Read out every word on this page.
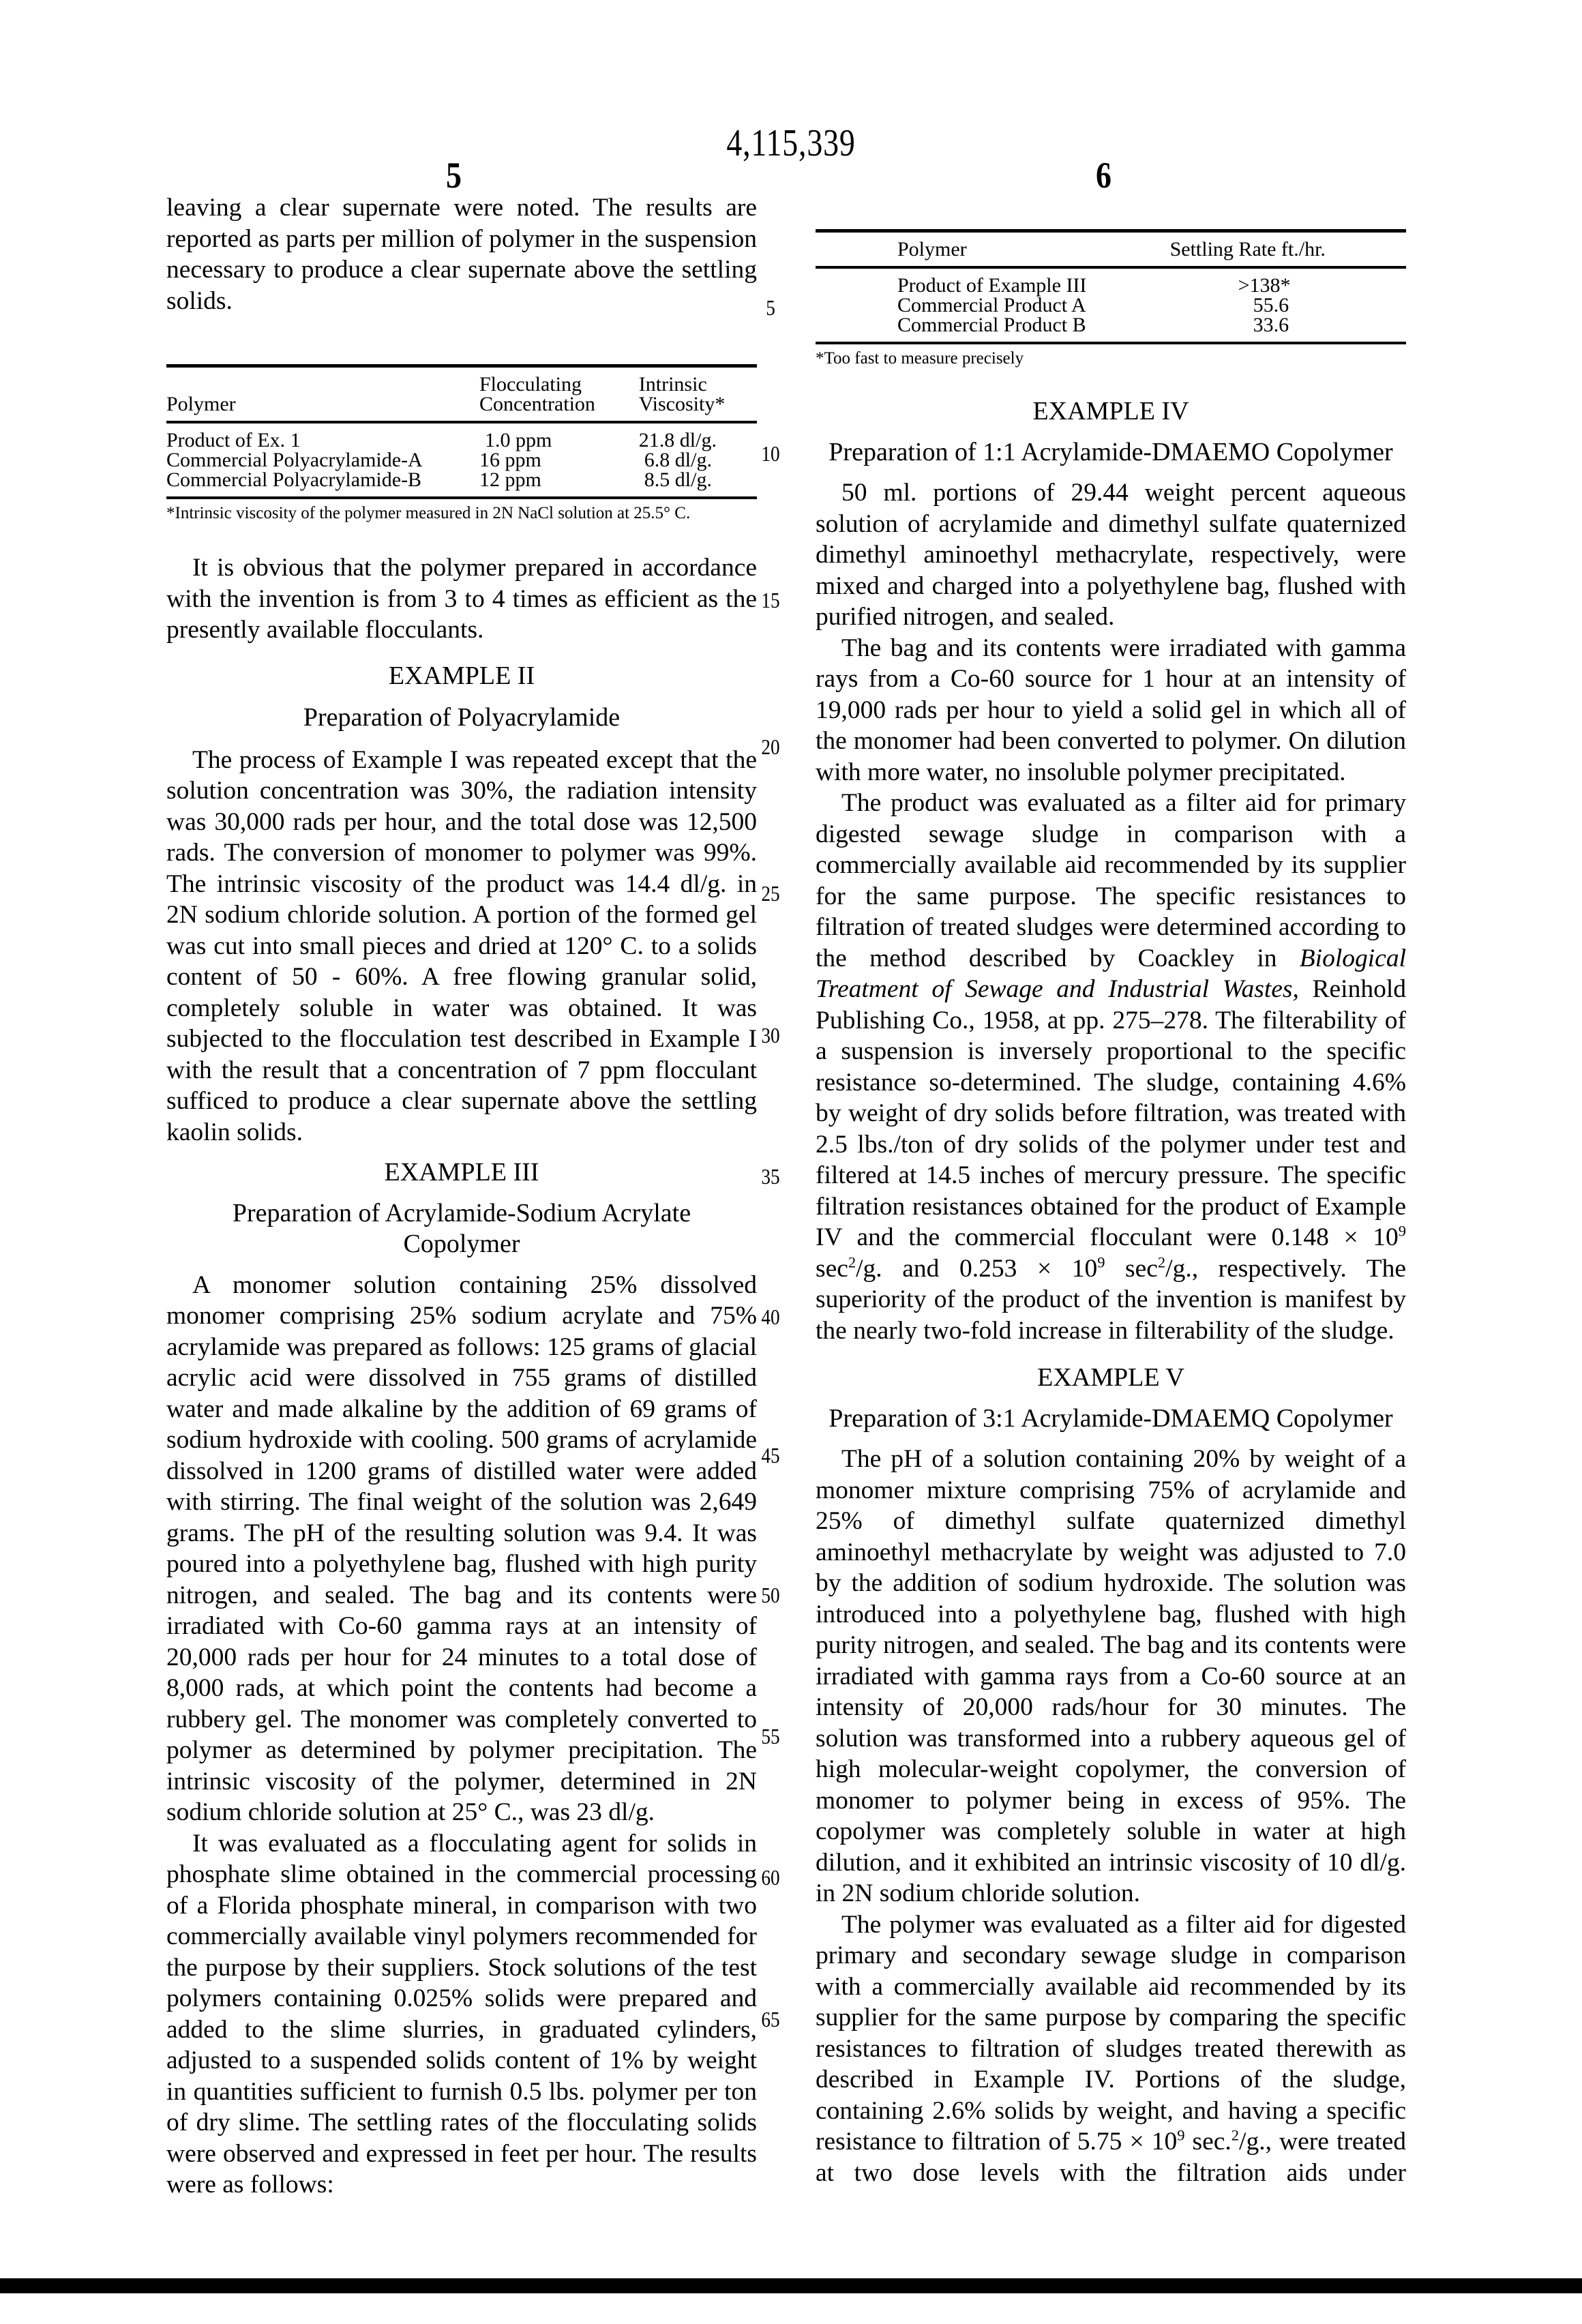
4,115,339
5	6
5
10
15
20
25
30
35
40
45
50
55
60
65

leaving a clear supernate were noted. The results are reported as parts per million of polymer in the suspension necessary to produce a clear supernate above the settling solids.

	Flocculating	Intrinsic
Polymer	Concentration	Viscosity*
Product of Ex. 1	1.0 ppm	21.8 dl/g.
Commercial Polyacrylamide-A	16 ppm	6.8 dl/g.
Commercial Polyacrylamide-B	12 ppm	8.5 dl/g.

*Intrinsic viscosity of the polymer measured in 2N NaCl solution at 25.5° C.

It is obvious that the polymer prepared in accordance with the invention is from 3 to 4 times as efficient as the presently available flocculants.

EXAMPLE II

Preparation of Polyacrylamide

The process of Example I was repeated except that the solution concentration was 30%, the radiation intensity was 30,000 rads per hour, and the total dose was 12,500 rads. The conversion of monomer to polymer was 99%. The intrinsic viscosity of the product was 14.4 dl/g. in 2N sodium chloride solution. A portion of the formed gel was cut into small pieces and dried at 120° C. to a solids content of 50 - 60%. A free flowing granular solid, completely soluble in water was obtained. It was subjected to the flocculation test described in Example I with the result that a concentration of 7 ppm flocculant sufficed to produce a clear supernate above the settling kaolin solids.

EXAMPLE III

Preparation of Acrylamide-Sodium Acrylate

Copolymer

A monomer solution containing 25% dissolved monomer comprising 25% sodium acrylate and 75% acrylamide was prepared as follows: 125 grams of glacial acrylic acid were dissolved in 755 grams of distilled water and made alkaline by the addition of 69 grams of sodium hydroxide with cooling. 500 grams of acrylamide dissolved in 1200 grams of distilled water were added with stirring. The final weight of the solution was 2,649 grams. The pH of the resulting solution was 9.4. It was poured into a polyethylene bag, flushed with high purity nitrogen, and sealed. The bag and its contents were irradiated with Co-60 gamma rays at an intensity of 20,000 rads per hour for 24 minutes to a total dose of 8,000 rads, at which point the contents had become a rubbery gel. The monomer was completely converted to polymer as determined by polymer precipitation. The intrinsic viscosity of the polymer, determined in 2N sodium chloride solution at 25° C., was 23 dl/g.

It was evaluated as a flocculating agent for solids in phosphate slime obtained in the commercial processing of a Florida phosphate mineral, in comparison with two commercially available vinyl polymers recommended for the purpose by their suppliers. Stock solutions of the test polymers containing 0.025% solids were prepared and added to the slime slurries, in graduated cylinders, adjusted to a suspended solids content of 1% by weight in quantities sufficient to furnish 0.5 lbs. polymer per ton of dry slime. The settling rates of the flocculating solids were observed and expressed in feet per hour. The results were as follows:

Polymer	Settling Rate ft./hr.
Product of Example III	>138*
Commercial Product A	55.6
Commercial Product B	33.6

*Too fast to measure precisely

EXAMPLE IV

Preparation of 1:1 Acrylamide-DMAEMO Copolymer

50 ml. portions of 29.44 weight percent aqueous solution of acrylamide and dimethyl sulfate quaternized dimethyl aminoethyl methacrylate, respectively, were mixed and charged into a polyethylene bag, flushed with purified nitrogen, and sealed.

The bag and its contents were irradiated with gamma rays from a Co-60 source for 1 hour at an intensity of 19,000 rads per hour to yield a solid gel in which all of the monomer had been converted to polymer. On dilution with more water, no insoluble polymer precipitated.

The product was evaluated as a filter aid for primary digested sewage sludge in comparison with a commercially available aid recommended by its supplier for the same purpose. The specific resistances to filtration of treated sludges were determined according to the method described by Coackley in Biological Treatment of Sewage and Industrial Wastes, Reinhold Publishing Co., 1958, at pp. 275–278. The filterability of a suspension is inversely proportional to the specific resistance so-determined. The sludge, containing 4.6% by weight of dry solids before filtration, was treated with 2.5 lbs./ton of dry solids of the polymer under test and filtered at 14.5 inches of mercury pressure. The specific filtration resistances obtained for the product of Example IV and the commercial flocculant were $0.148 \times 10^9$ $\sec^2/g$. and $0.253 \times 10^9$ $\sec^2/g$., respectively. The superiority of the product of the invention is manifest by the nearly two-fold increase in filterability of the sludge.

EXAMPLE V

Preparation of 3:1 Acrylamide-DMAEMQ Copolymer

The pH of a solution containing 20% by weight of a monomer mixture comprising 75% of acrylamide and 25% of dimethyl sulfate quaternized dimethyl aminoethyl methacrylate by weight was adjusted to 7.0 by the addition of sodium hydroxide. The solution was introduced into a polyethylene bag, flushed with high purity nitrogen, and sealed. The bag and its contents were irradiated with gamma rays from a Co-60 source at an intensity of 20,000 rads/hour for 30 minutes. The solution was transformed into a rubbery aqueous gel of high molecular-weight copolymer, the conversion of monomer to polymer being in excess of 95%. The copolymer was completely soluble in water at high dilution, and it exhibited an intrinsic viscosity of 10 dl/g. in 2N sodium chloride solution.

The polymer was evaluated as a filter aid for digested primary and secondary sewage sludge in comparison with a commercially available aid recommended by its supplier for the same purpose by comparing the specific resistances to filtration of sludges treated therewith as described in Example IV. Portions of the sludge, containing 2.6% solids by weight, and having a specific resistance to filtration of $5.75 \times 10^9$ sec.$^2$/g., were treated at two dose levels with the filtration aids under
